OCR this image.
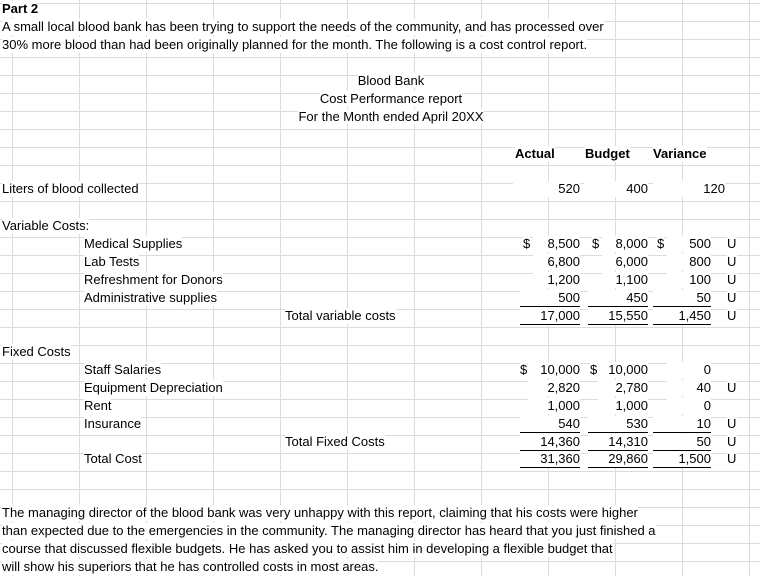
Part 2
A small local blood bank has been trying to support the needs of the community, and has processed over
30% more blood than had been originally planned for the month. The following is a cost control report.
Blood Bank
Cost Performance report
For the Month ended April 20XX
Actual Budget Variance
Liters of blood collected	520	400	120
Variable Costs:
Medical Supplies	$	8,500 $	8,000 $	500 U
Lab Tests	6,800	6,000	800 U
Refreshment for Donors	1,200	1,100	100 U
Administrative supplies	500	450	50 U
Total variable costs	17,000	15,550	1,450 U
Fixed Costs
Staff Salaries	$	10,000 $ 10,000	0
Equipment Depreciation	2,820	2,780	40 U
Rent	1,000	1,000	0
Insurance	540	530	10 U
Total Fixed Costs	14,360	14,310	50 U
Total Cost	31,360	29,860	1,500 U
The managing director of the blood bank was very unhappy with this report, claiming that his costs were higher
than expected due to the emergencies in the community. The managing director has heard that you just finished a
course that discussed flexible budgets. He has asked you to assist him in developing a flexible budget that
will show his superiors that he has controlled costs in most areas.
